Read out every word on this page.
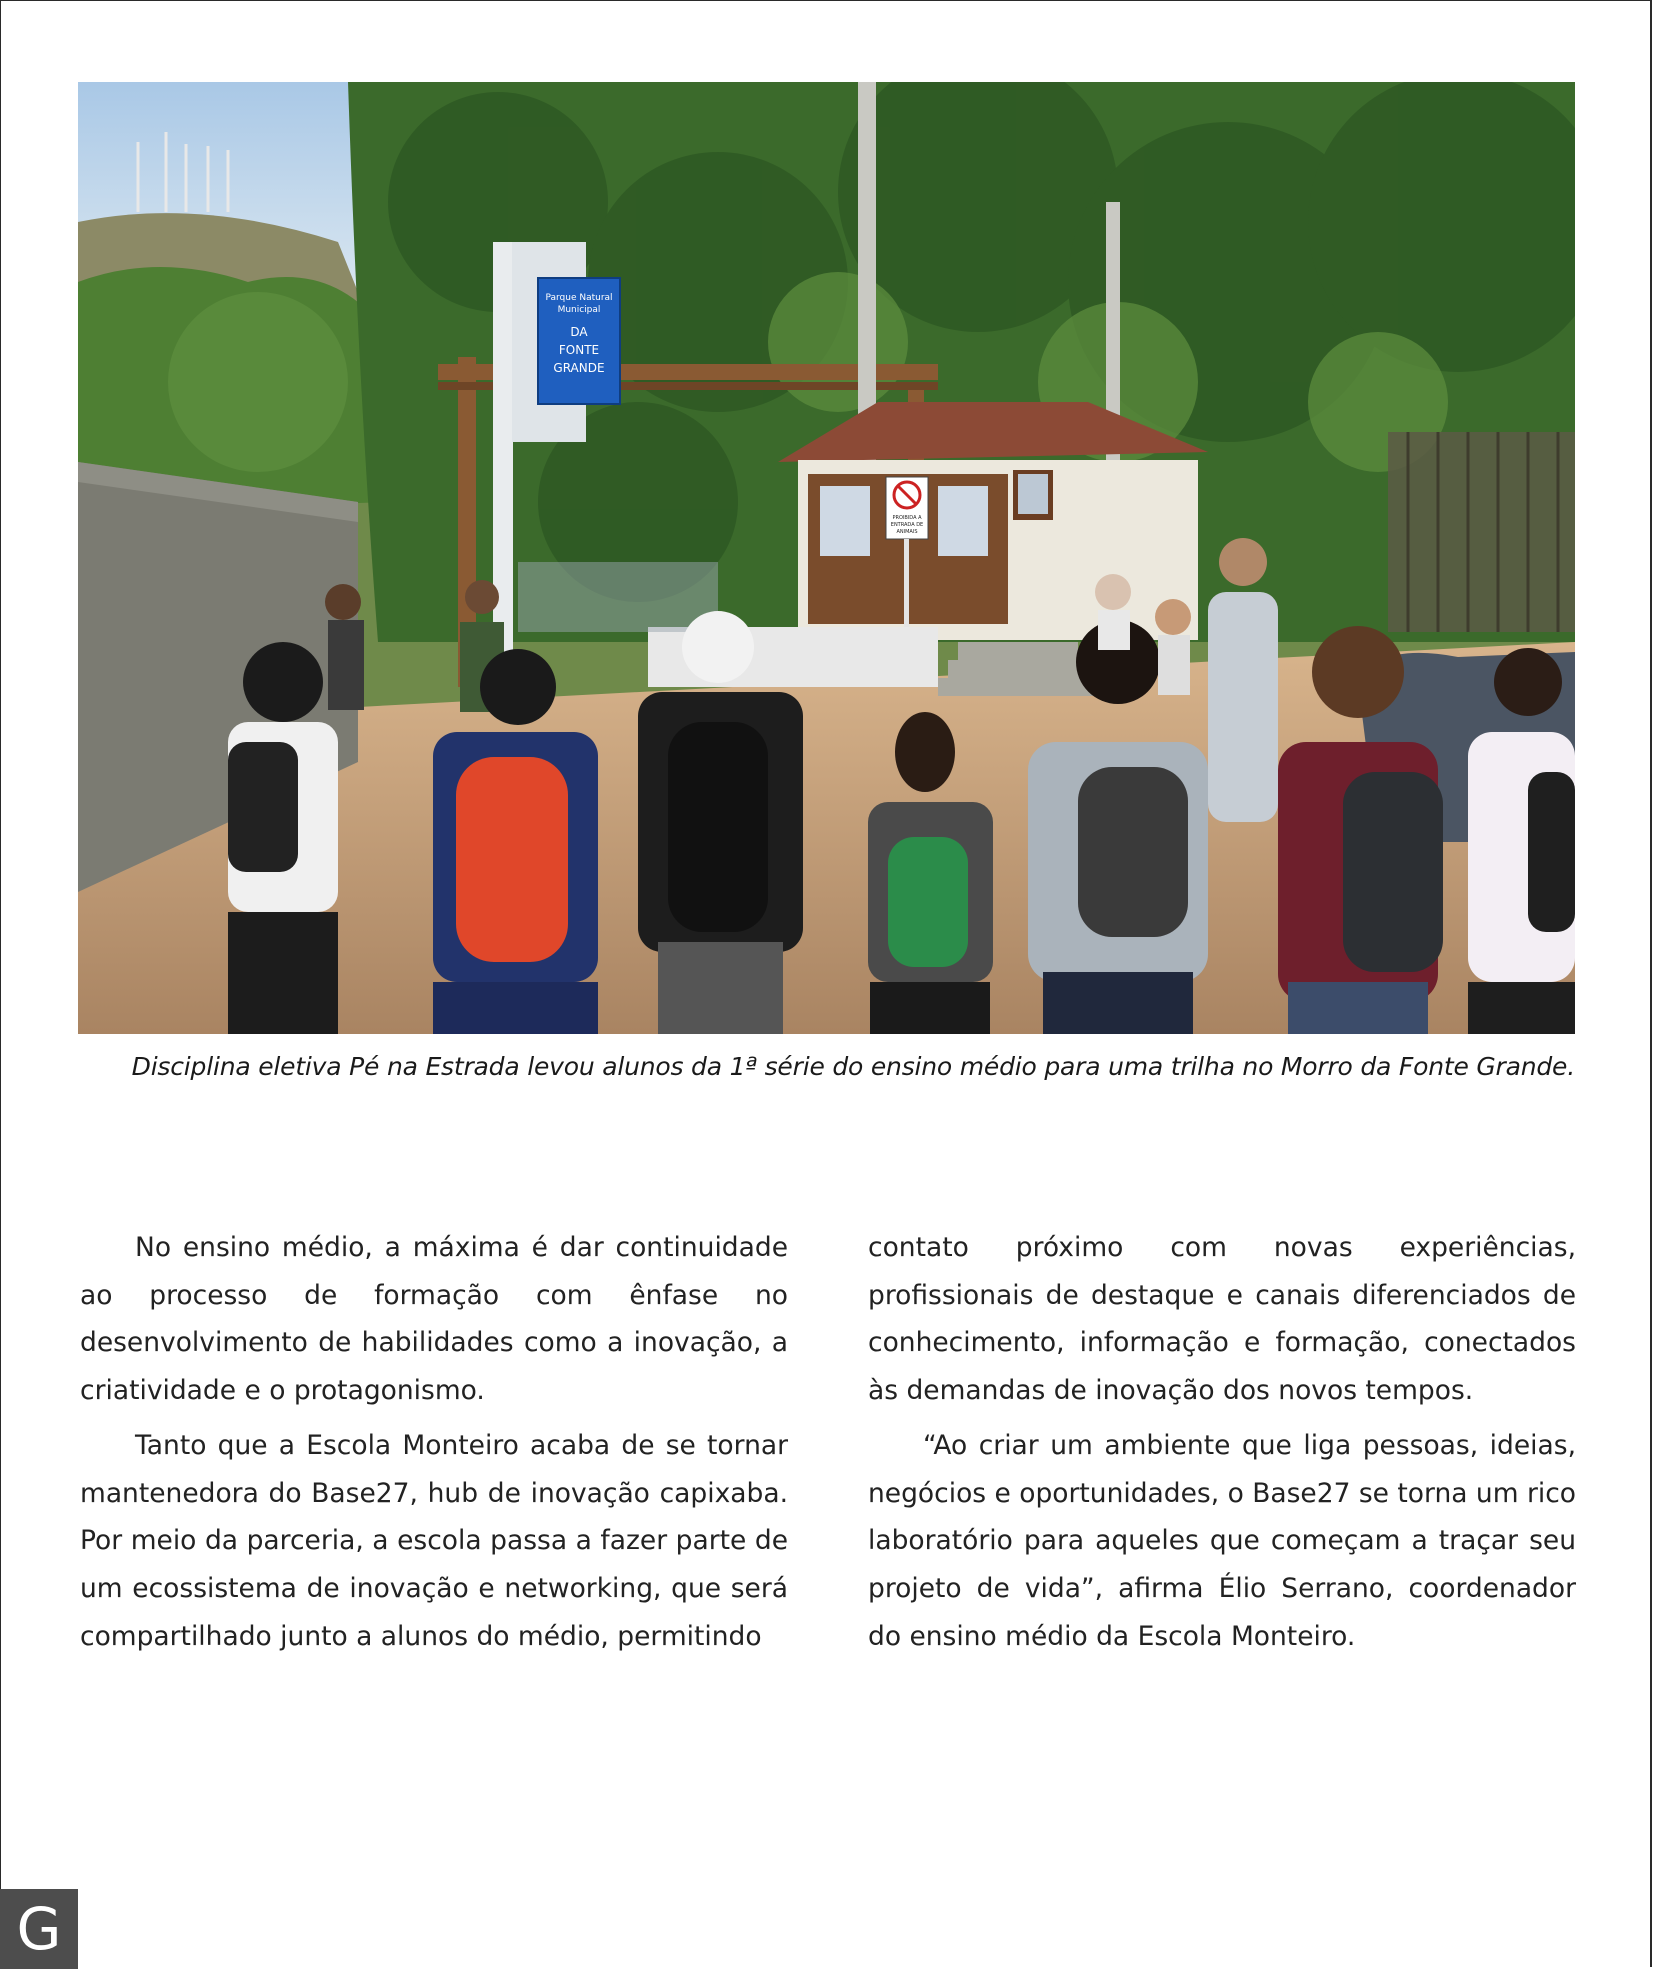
Parque Natural
Municipal
DA
FONTE
GRANDE
PROIBIDA A
ENTRADA DE
ANIMAIS
Disciplina eletiva Pé na Estrada levou alunos da 1ª série do ensino médio para uma trilha no Morro da Fonte Grande.

No ensino médio, a máxima é dar continuidade ao processo de formação com ênfase no desenvolvimento de habilidades como a inovação, a criatividade e o protagonismo.

Tanto que a Escola Monteiro acaba de se tornar mantenedora do Base27, hub de inovação capixaba. Por meio da parceria, a escola passa a fazer parte de um ecossistema de inovação e networking, que será compartilhado junto a alunos do médio, permitindo

contato próximo com novas experiências, profissionais de destaque e canais diferenciados de conhecimento, informação e formação, conectados às demandas de inovação dos novos tempos.

“Ao criar um ambiente que liga pessoas, ideias, negócios e oportunidades, o Base27 se torna um rico laboratório para aqueles que começam a traçar seu projeto de vida”, afirma Élio Serrano, coordenador do ensino médio da Escola Monteiro.

G
